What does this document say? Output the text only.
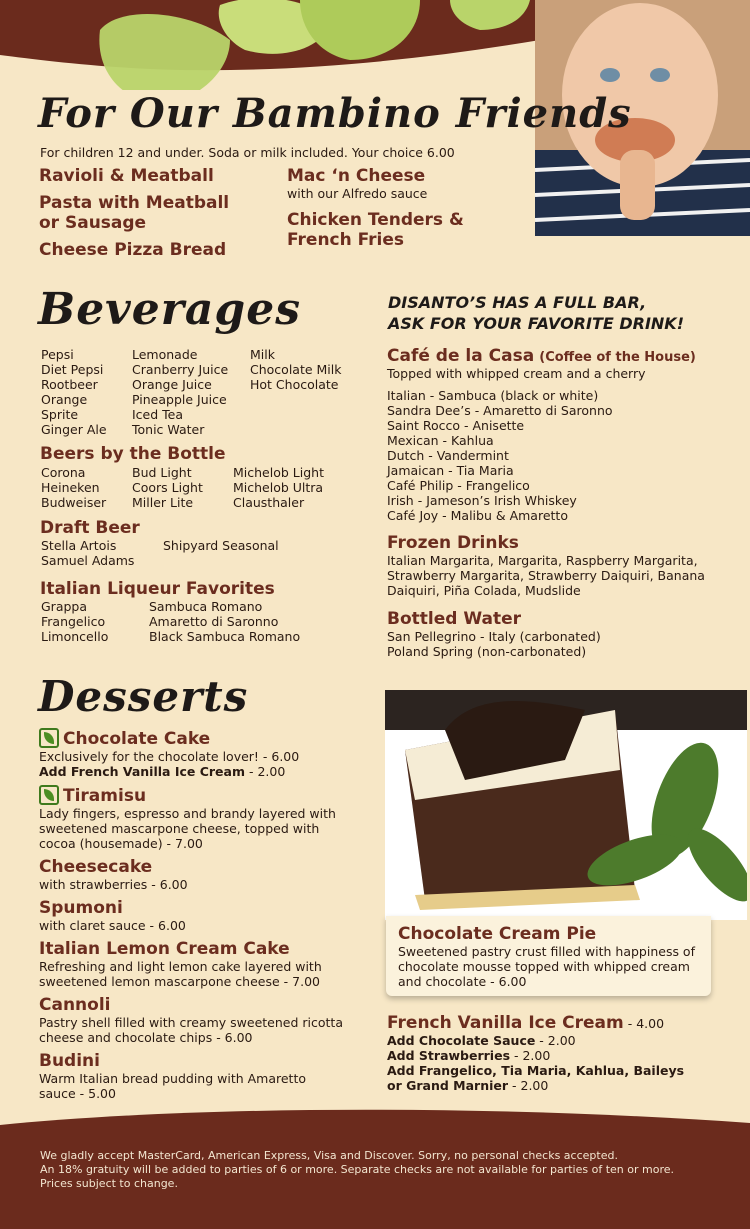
For Our Bambino Friends
For children 12 and under. Soda or milk included. Your choice 6.00
Ravioli & Meatball
Pasta with Meatball or Sausage
Cheese Pizza Bread
Mac ‘n Cheese
with our Alfredo sauce
Chicken Tenders & French Fries
Beverages
Pepsi
Diet Pepsi
Rootbeer
Orange
Sprite
Ginger Ale
Lemonade
Cranberry Juice
Orange Juice
Pineapple Juice
Iced Tea
Tonic Water
Milk
Chocolate Milk
Hot Chocolate
Beers by the Bottle
Corona
Heineken
Budweiser
Bud Light
Coors Light
Miller Lite
Michelob Light
Michelob Ultra
Clausthaler
Draft Beer
Stella Artois
Samuel Adams
Shipyard Seasonal
Italian Liqueur Favorites
Grappa
Frangelico
Limoncello
Sambuca Romano
Amaretto di Saronno
Black Sambuca Romano
DISANTO’S HAS A FULL BAR,
ASK FOR YOUR FAVORITE DRINK!
Café de la Casa (Coffee of the House)
Topped with whipped cream and a cherry
Italian - Sambuca (black or white)
Sandra Dee’s - Amaretto di Saronno
Saint Rocco - Anisette
Mexican - Kahlua
Dutch - Vandermint
Jamaican - Tia Maria
Café Philip - Frangelico
Irish - Jameson’s Irish Whiskey
Café Joy - Malibu & Amaretto
Frozen Drinks
Italian Margarita, Margarita, Raspberry Margarita, Strawberry Margarita, Strawberry Daiquiri, Banana Daiquiri, Piña Colada, Mudslide
Bottled Water
San Pellegrino - Italy (carbonated)
Poland Spring (non-carbonated)
Desserts
Chocolate Cake
Exclusively for the chocolate lover! - 6.00
Add French Vanilla Ice Cream - 2.00
Tiramisu
Lady fingers, espresso and brandy layered with sweetened mascarpone cheese, topped with cocoa (housemade) - 7.00
Cheesecake
with strawberries - 6.00
Spumoni
with claret sauce - 6.00
Italian Lemon Cream Cake
Refreshing and light lemon cake layered with sweetened lemon mascarpone cheese - 7.00
Cannoli
Pastry shell filled with creamy sweetened ricotta cheese and chocolate chips - 6.00
Budini
Warm Italian bread pudding with Amaretto sauce - 5.00
Chocolate Cream Pie
Sweetened pastry crust filled with happiness of chocolate mousse topped with whipped cream and chocolate - 6.00
French Vanilla Ice Cream - 4.00
Add Chocolate Sauce - 2.00
Add Strawberries - 2.00
Add Frangelico, Tia Maria, Kahlua, Baileys or Grand Marnier - 2.00
We gladly accept MasterCard, American Express, Visa and Discover. Sorry, no personal checks accepted.
An 18% gratuity will be added to parties of 6 or more. Separate checks are not available for parties of ten or more.
Prices subject to change.
